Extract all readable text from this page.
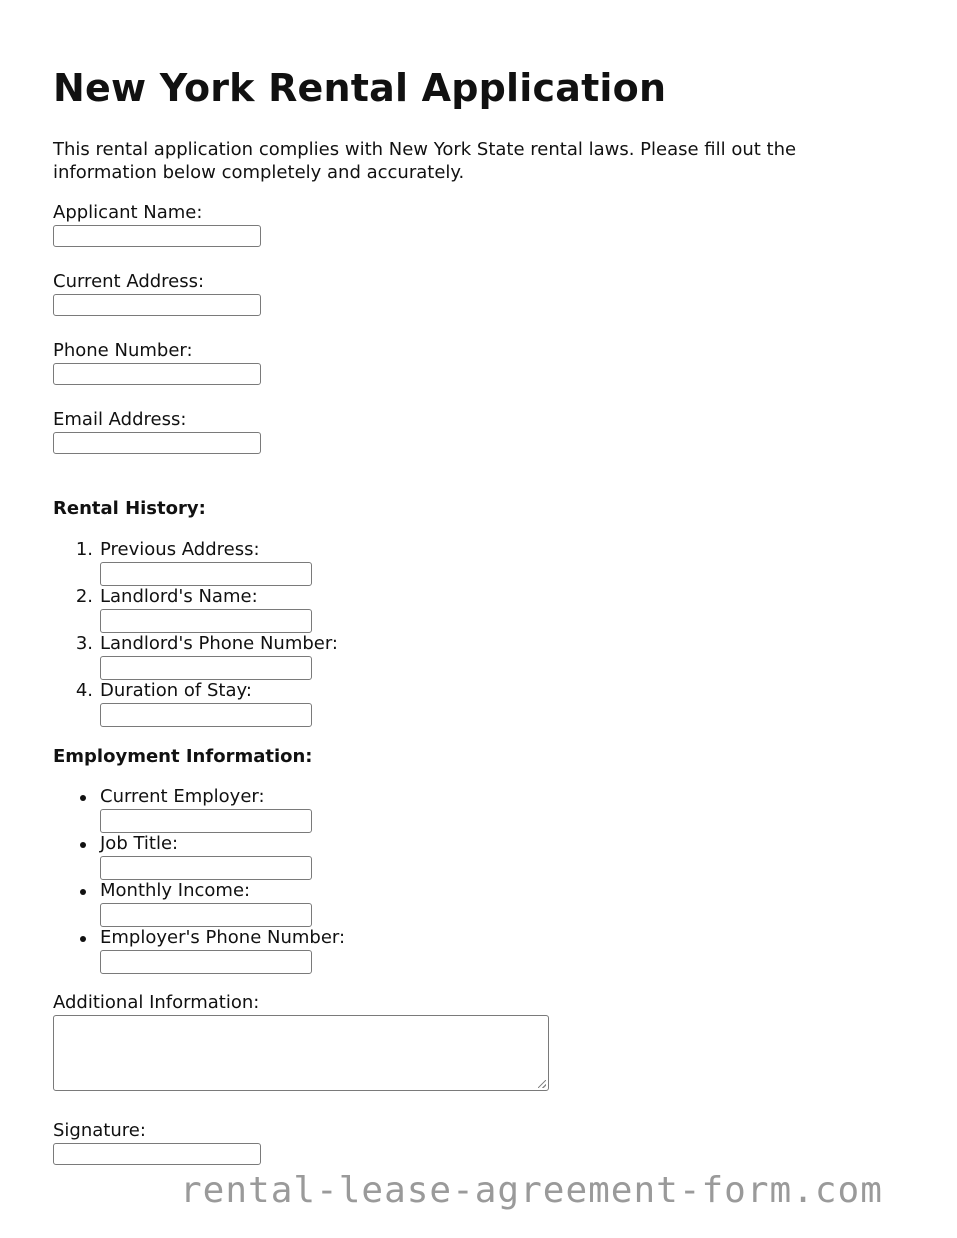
New York Rental Application

This rental application complies with New York State rental laws. Please fill out the information below completely and accurately.

Applicant Name:
Current Address:
Phone Number:
Email Address:
Rental History:
1. Previous Address:
2. Landlord's Name:
3. Landlord's Phone Number:
4. Duration of Stay:
Employment Information:
Current Employer:
Job Title:
Monthly Income:
Employer's Phone Number:
Additional Information:
Signature:
rental-lease-agreement-form.com
